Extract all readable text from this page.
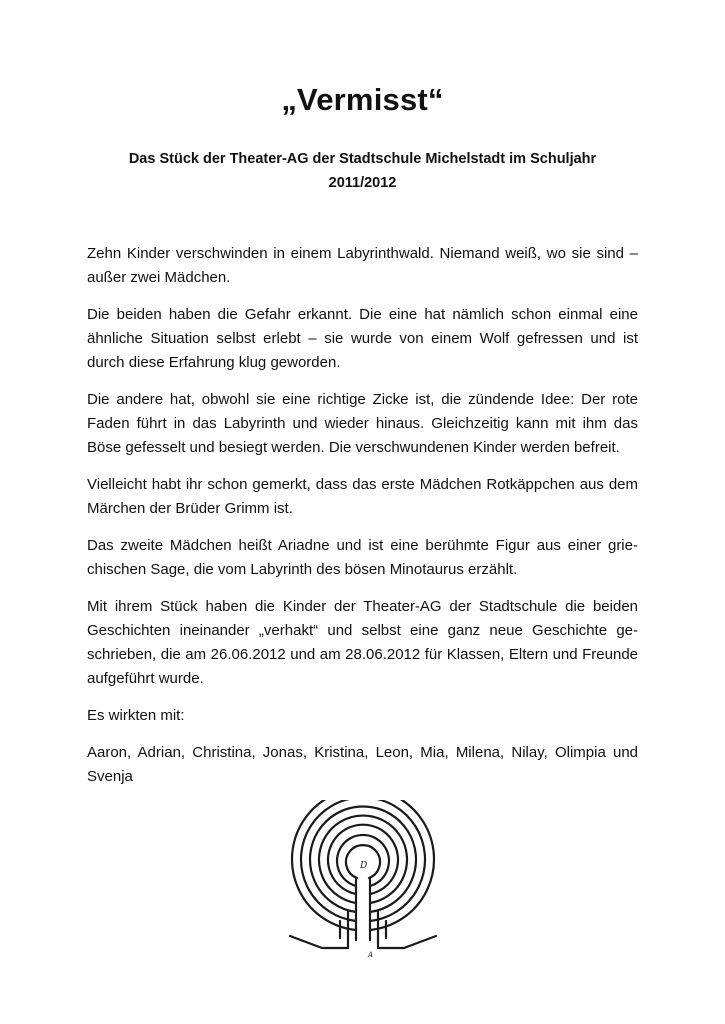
„Vermisst“
Das Stück der Theater-AG der Stadtschule Michelstadt im Schuljahr
2011/2012

Zehn Kinder verschwinden in einem Labyrinthwald. Niemand weiß, wo sie sind – außer zwei Mädchen.

Die beiden haben die Gefahr erkannt. Die eine hat nämlich schon einmal eine ähnliche Situation selbst erlebt – sie wurde von einem Wolf gefressen und ist durch diese Erfahrung klug geworden.

Die andere hat, obwohl sie eine richtige Zicke ist, die zündende Idee: Der rote Faden führt in das Labyrinth und wieder hinaus. Gleichzeitig kann mit ihm das Böse gefesselt und besiegt werden. Die verschwundenen Kinder werden befreit.

Vielleicht habt ihr schon gemerkt, dass das erste Mädchen Rotkäppchen aus dem Märchen der Brüder Grimm ist.

Das zweite Mädchen heißt Ariadne und ist eine berühmte Figur aus einer griechischen Sage, die vom Labyrinth des bösen Minotaurus erzählt.

Mit ihrem Stück haben die Kinder der Theater-AG der Stadtschule die beiden Geschichten ineinander „verhakt“ und selbst eine ganz neue Geschichte geschrieben, die am 26.06.2012 und am 28.06.2012 für Klassen, Eltern und Freunde aufgeführt wurde.

Es wirkten mit:

Aaron, Adrian, Christina, Jonas, Kristina, Leon, Mia, Milena, Nilay, Olimpia und Svenja

D
A
